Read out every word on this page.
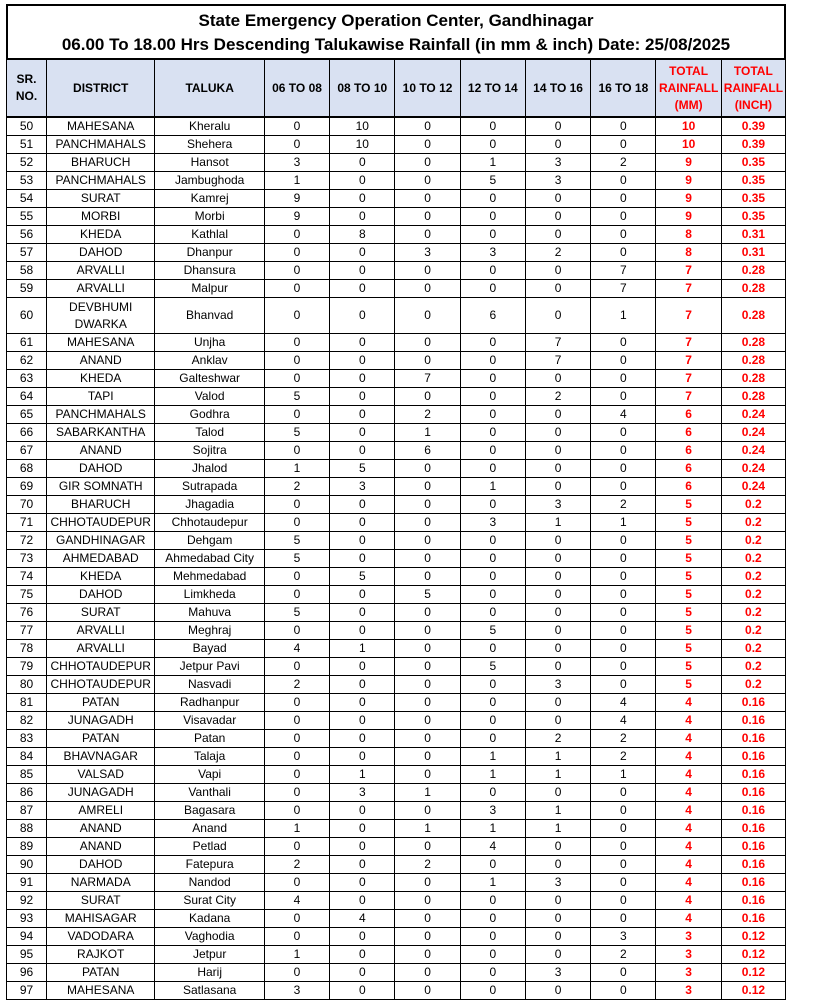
State Emergency Operation Center, Gandhinagar
06.00 To 18.00 Hrs Descending Talukawise Rainfall (in mm & inch) Date: 25/08/2025
SR. NO.	DISTRICT	TALUKA	06 TO 08	08 TO 10	10 TO 12	12 TO 14	14 TO 16	16 TO 18	TOTAL RAINFALL (MM)	TOTAL RAINFALL (INCH)
50	MAHESANA	Kheralu	0	10	0	0	0	0	10	0.39
51	PANCHMAHALS	Shehera	0	10	0	0	0	0	10	0.39
52	BHARUCH	Hansot	3	0	0	1	3	2	9	0.35
53	PANCHMAHALS	Jambughoda	1	0	0	5	3	0	9	0.35
54	SURAT	Kamrej	9	0	0	0	0	0	9	0.35
55	MORBI	Morbi	9	0	0	0	0	0	9	0.35
56	KHEDA	Kathlal	0	8	0	0	0	0	8	0.31
57	DAHOD	Dhanpur	0	0	3	3	2	0	8	0.31
58	ARVALLI	Dhansura	0	0	0	0	0	7	7	0.28
59	ARVALLI	Malpur	0	0	0	0	0	7	7	0.28
60	DEVBHUMI DWARKA	Bhanvad	0	0	0	6	0	1	7	0.28
61	MAHESANA	Unjha	0	0	0	0	7	0	7	0.28
62	ANAND	Anklav	0	0	0	0	7	0	7	0.28
63	KHEDA	Galteshwar	0	0	7	0	0	0	7	0.28
64	TAPI	Valod	5	0	0	0	2	0	7	0.28
65	PANCHMAHALS	Godhra	0	0	2	0	0	4	6	0.24
66	SABARKANTHA	Talod	5	0	1	0	0	0	6	0.24
67	ANAND	Sojitra	0	0	6	0	0	0	6	0.24
68	DAHOD	Jhalod	1	5	0	0	0	0	6	0.24
69	GIR SOMNATH	Sutrapada	2	3	0	1	0	0	6	0.24
70	BHARUCH	Jhagadia	0	0	0	0	3	2	5	0.2
71	CHHOTAUDEPUR	Chhotaudepur	0	0	0	3	1	1	5	0.2
72	GANDHINAGAR	Dehgam	5	0	0	0	0	0	5	0.2
73	AHMEDABAD	Ahmedabad City	5	0	0	0	0	0	5	0.2
74	KHEDA	Mehmedabad	0	5	0	0	0	0	5	0.2
75	DAHOD	Limkheda	0	0	5	0	0	0	5	0.2
76	SURAT	Mahuva	5	0	0	0	0	0	5	0.2
77	ARVALLI	Meghraj	0	0	0	5	0	0	5	0.2
78	ARVALLI	Bayad	4	1	0	0	0	0	5	0.2
79	CHHOTAUDEPUR	Jetpur Pavi	0	0	0	5	0	0	5	0.2
80	CHHOTAUDEPUR	Nasvadi	2	0	0	0	3	0	5	0.2
81	PATAN	Radhanpur	0	0	0	0	0	4	4	0.16
82	JUNAGADH	Visavadar	0	0	0	0	0	4	4	0.16
83	PATAN	Patan	0	0	0	0	2	2	4	0.16
84	BHAVNAGAR	Talaja	0	0	0	1	1	2	4	0.16
85	VALSAD	Vapi	0	1	0	1	1	1	4	0.16
86	JUNAGADH	Vanthali	0	3	1	0	0	0	4	0.16
87	AMRELI	Bagasara	0	0	0	3	1	0	4	0.16
88	ANAND	Anand	1	0	1	1	1	0	4	0.16
89	ANAND	Petlad	0	0	0	4	0	0	4	0.16
90	DAHOD	Fatepura	2	0	2	0	0	0	4	0.16
91	NARMADA	Nandod	0	0	0	1	3	0	4	0.16
92	SURAT	Surat City	4	0	0	0	0	0	4	0.16
93	MAHISAGAR	Kadana	0	4	0	0	0	0	4	0.16
94	VADODARA	Vaghodia	0	0	0	0	0	3	3	0.12
95	RAJKOT	Jetpur	1	0	0	0	0	2	3	0.12
96	PATAN	Harij	0	0	0	0	3	0	3	0.12
97	MAHESANA	Satlasana	3	0	0	0	0	0	3	0.12
